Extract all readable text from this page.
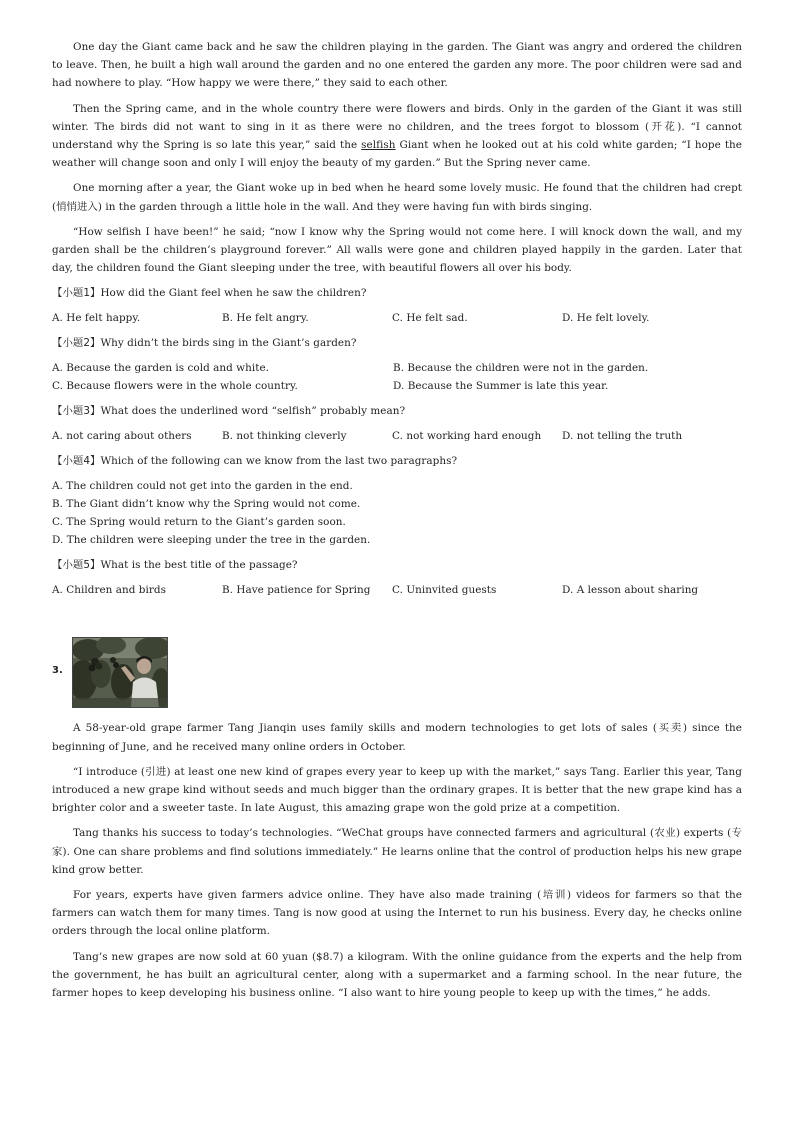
One day the Giant came back and he saw the children playing in the garden. The Giant was angry and ordered the children to leave. Then, he built a high wall around the garden and no one entered the garden any more. The poor children were sad and had nowhere to play. “How happy we were there,” they said to each other.

Then the Spring came, and in the whole country there were flowers and birds. Only in the garden of the Giant it was still winter. The birds did not want to sing in it as there were no children, and the trees forgot to blossom (开花). “I cannot understand why the Spring is so late this year,” said the selfish Giant when he looked out at his cold white garden; “I hope the weather will change soon and only I will enjoy the beauty of my garden.” But the Spring never came.

One morning after a year, the Giant woke up in bed when he heard some lovely music. He found that the children had crept (悄悄进入) in the garden through a little hole in the wall. And they were having fun with birds singing.

“How selfish I have been!” he said; “now I know why the Spring would not come here. I will knock down the wall, and my garden shall be the children’s playground forever.” All walls were gone and children played happily in the garden. Later that day, the children found the Giant sleeping under the tree, with beautiful flowers all over his body.

【小题1】How did the Giant feel when he saw the children?

A. He felt happy.	B. He felt angry.	C. He felt sad.	D. He felt lovely.

【小题2】Why didn’t the birds sing in the Giant’s garden?

A. Because the garden is cold and white.	B. Because the children were not in the garden.
C. Because flowers were in the whole country.	D. Because the Summer is late this year.

【小题3】What does the underlined word “selfish” probably mean?

A. not caring about others	B. not thinking cleverly	C. not working hard enough	D. not telling the truth

【小题4】Which of the following can we know from the last two paragraphs?

A. The children could not get into the garden in the end.
B. The Giant didn’t know why the Spring would not come.
C. The Spring would return to the Giant’s garden soon.
D. The children were sleeping under the tree in the garden.

【小题5】What is the best title of the passage?

A. Children and birds	B. Have patience for Spring	C. Uninvited guests	D. A lesson about sharing
3.

A 58-year-old grape farmer Tang Jianqin uses family skills and modern technologies to get lots of sales (买卖) since the beginning of June, and he received many online orders in October.

“I introduce (引进) at least one new kind of grapes every year to keep up with the market,” says Tang. Earlier this year, Tang introduced a new grape kind without seeds and much bigger than the ordinary grapes. It is better that the new grape kind has a brighter color and a sweeter taste. In late August, this amazing grape won the gold prize at a competition.

Tang thanks his success to today’s technologies. “WeChat groups have connected farmers and agricultural (农业) experts (专家). One can share problems and find solutions immediately.” He learns online that the control of production helps his new grape kind grow better.

For years, experts have given farmers advice online. They have also made training (培训) videos for farmers so that the farmers can watch them for many times. Tang is now good at using the Internet to run his business. Every day, he checks online orders through the local online platform.

Tang’s new grapes are now sold at 60 yuan ($8.7) a kilogram. With the online guidance from the experts and the help from the government, he has built an agricultural center, along with a supermarket and a farming school. In the near future, the farmer hopes to keep developing his business online. “I also want to hire young people to keep up with the times,” he adds.
